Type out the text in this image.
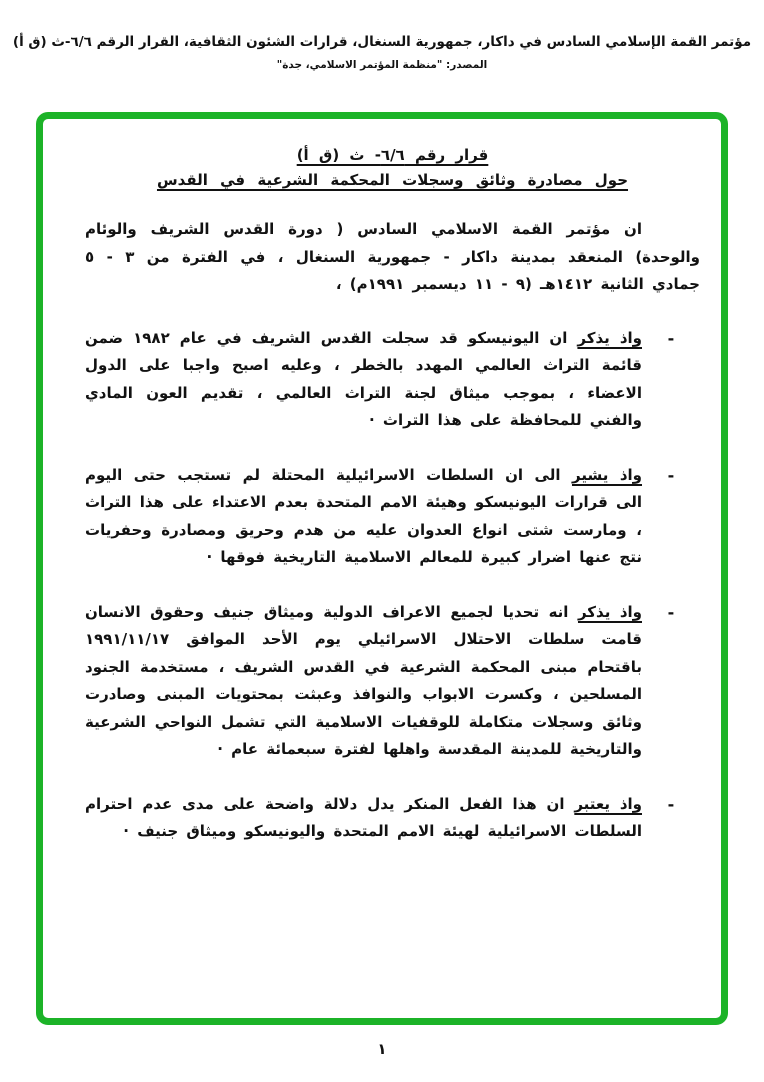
مؤتمر القمة الإسلامي السادس في داكار، جمهورية السنغال، قرارات الشئون الثقافية، القرار الرقم ٦/٦-ث (ق أ)
المصدر: "منظمة المؤتمر الاسلامي، جدة"
قرار رقم ٦/٦- ث (ق أ)
حول مصادرة وثائق وسجلات المحكمة الشرعية في القدس

ان مؤتمر القمة الاسلامي السادس ( دورة القدس الشريف والوئام والوحدة) المنعقد بمدينة داكار - جمهورية السنغال ، في الفترة من ٣ - ٥ جمادي الثانية ١٤١٢هـ (٩ - ١١ ديسمبر ١٩٩١م) ،

-

واذ يذكر ان اليونيسكو قد سجلت القدس الشريف في عام ١٩٨٢ ضمن قائمة التراث العالمي المهدد بالخطر ، وعليه اصبح واجبا على الدول الاعضاء ، بموجب ميثاق لجنة التراث العالمي ، تقديم العون المادي والفني للمحافظة على هذا التراث ·

-

واذ يشير الى ان السلطات الاسرائيلية المحتلة لم تستجب حتى اليوم الى قرارات اليونيسكو وهيئة الامم المتحدة بعدم الاعتداء على هذا التراث ، ومارست شتى انواع العدوان عليه من هدم وحريق ومصادرة وحفريات نتج عنها اضرار كبيرة للمعالم الاسلامية التاريخية فوقها ·

-

واذ يذكر انه تحديا لجميع الاعراف الدولية وميثاق جنيف وحقوق الانسان قامت سلطات الاحتلال الاسرائيلي يوم الأحد الموافق ١٩٩١/١١/١٧ باقتحام مبنى المحكمة الشرعية في القدس الشريف ، مستخدمة الجنود المسلحين ، وكسرت الابواب والنوافذ وعبثت بمحتويات المبنى وصادرت وثائق وسجلات متكاملة للوقفيات الاسلامية التي تشمل النواحي الشرعية والتاريخية للمدينة المقدسة واهلها لفترة سبعمائة عام ·

-

واذ يعتبر ان هذا الفعل المنكر يدل دلالة واضحة على مدى عدم احترام السلطات الاسرائيلية لهيئة الامم المتحدة واليونيسكو وميثاق جنيف ·

١
